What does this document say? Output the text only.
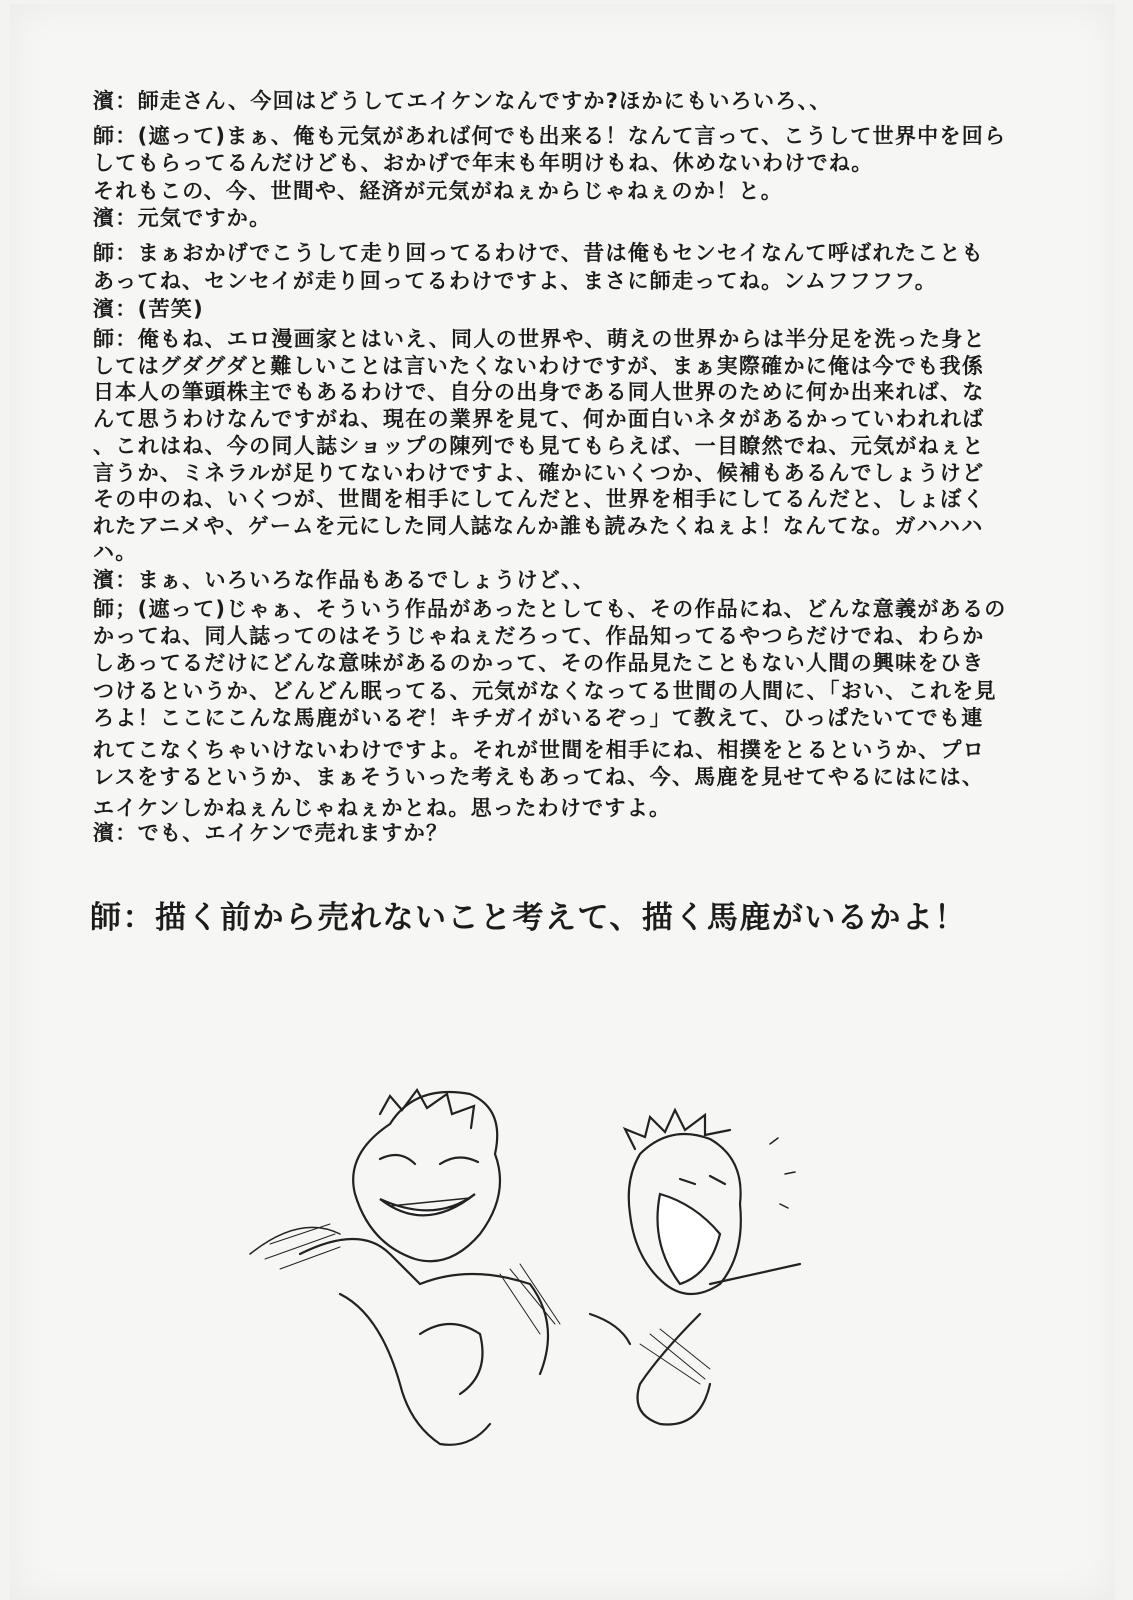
濱：師走さん、今回はどうしてエイケンなんですか?ほかにもいろいろ、、
師：(遮って)まぁ、俺も元気があれば何でも出来る！なんて言って、こうして世界中を回ら
してもらってるんだけども、おかげで年末も年明けもね、休めないわけでね。
それもこの、今、世間や、経済が元気がねぇからじゃねぇのか！と。
濱：元気ですか。
師：まぁおかげでこうして走り回ってるわけで、昔は俺もセンセイなんて呼ばれたことも
あってね、センセイが走り回ってるわけですよ、まさに師走ってね。ンムフフフフ。
濱：(苦笑)
師：俺もね、エロ漫画家とはいえ、同人の世界や、萌えの世界からは半分足を洗った身と
してはグダグダと難しいことは言いたくないわけですが、まぁ実際確かに俺は今でも我係
日本人の筆頭株主でもあるわけで、自分の出身である同人世界のために何か出来れば、な
んて思うわけなんですがね、現在の業界を見て、何か面白いネタがあるかっていわれれば
、これはね、今の同人誌ショップの陳列でも見てもらえば、一目瞭然でね、元気がねぇと
言うか、ミネラルが足りてないわけですよ、確かにいくつか、候補もあるんでしょうけど
その中のね、いくつが、世間を相手にしてんだと、世界を相手にしてるんだと、しょぼく
れたアニメや、ゲームを元にした同人誌なんか誰も読みたくねぇよ！なんてな。ガハハハ
ハ。
濱：まぁ、いろいろな作品もあるでしょうけど、、
師；(遮って)じゃぁ、そういう作品があったとしても、その作品にね、どんな意義があるの
かってね、同人誌ってのはそうじゃねぇだろって、作品知ってるやつらだけでね、わらか
しあってるだけにどんな意味があるのかって、その作品見たこともない人間の興味をひき
つけるというか、どんどん眠ってる、元気がなくなってる世間の人間に、「おい、これを見
ろよ！ここにこんな馬鹿がいるぞ！キチガイがいるぞっ」て教えて、ひっぱたいてでも連
れてこなくちゃいけないわけですよ。それが世間を相手にね、相撲をとるというか、プロ
レスをするというか、まぁそういった考えもあってね、今、馬鹿を見せてやるにはには、
エイケンしかねぇんじゃねぇかとね。思ったわけですよ。
濱：でも、エイケンで売れますか？
師：描く前から売れないこと考えて、描く馬鹿がいるかよ！
